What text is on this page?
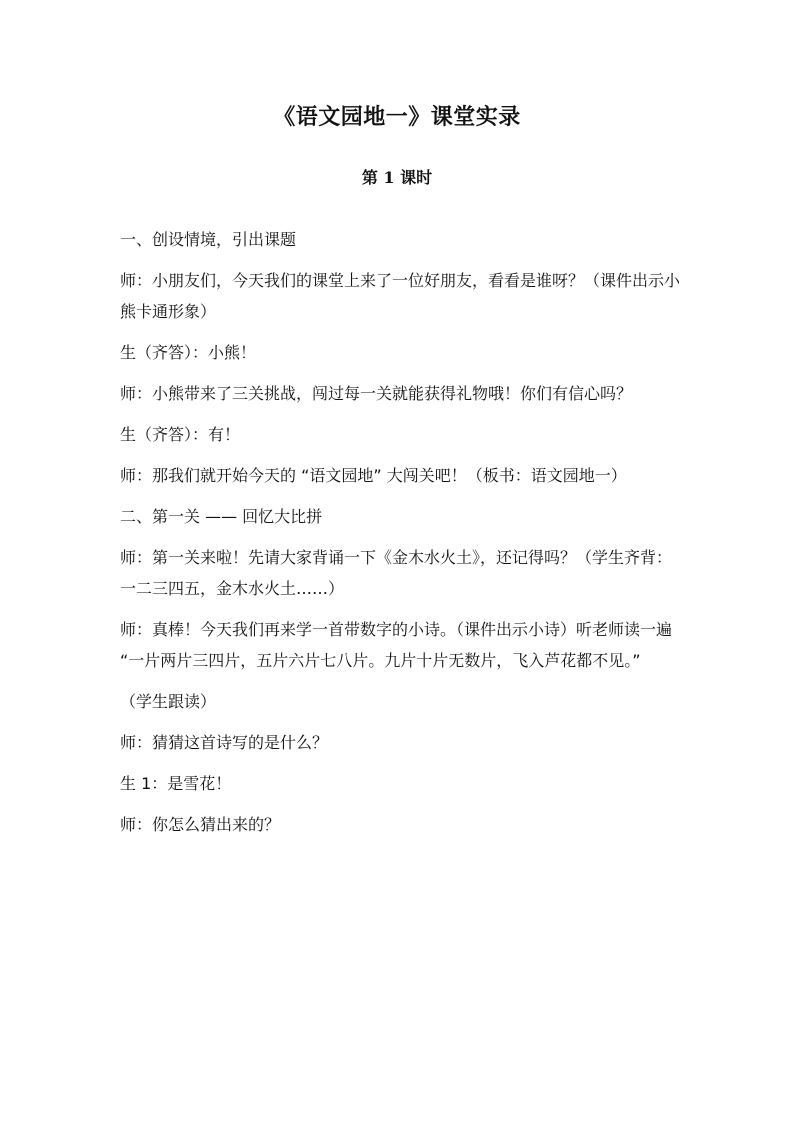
《语文园地一》课堂实录
第 1 课时

一、创设情境，引出课题

师：小朋友们，今天我们的课堂上来了一位好朋友，看看是谁呀？（课件出示小熊卡通形象）

生（齐答）：小熊！

师：小熊带来了三关挑战，闯过每一关就能获得礼物哦！你们有信心吗？

生（齐答）：有！

师：那我们就开始今天的 “语文园地” 大闯关吧！（板书：语文园地一）

二、第一关 —— 回忆大比拼

师：第一关来啦！先请大家背诵一下《金木水火土》，还记得吗？（学生齐背：一二三四五，金木水火土……）

师：真棒！今天我们再来学一首带数字的小诗。（课件出示小诗）听老师读一遍 “一片两片三四片，五片六片七八片。九片十片无数片，飞入芦花都不见。”

（学生跟读）

师：猜猜这首诗写的是什么？

生 1：是雪花！

师：你怎么猜出来的？
